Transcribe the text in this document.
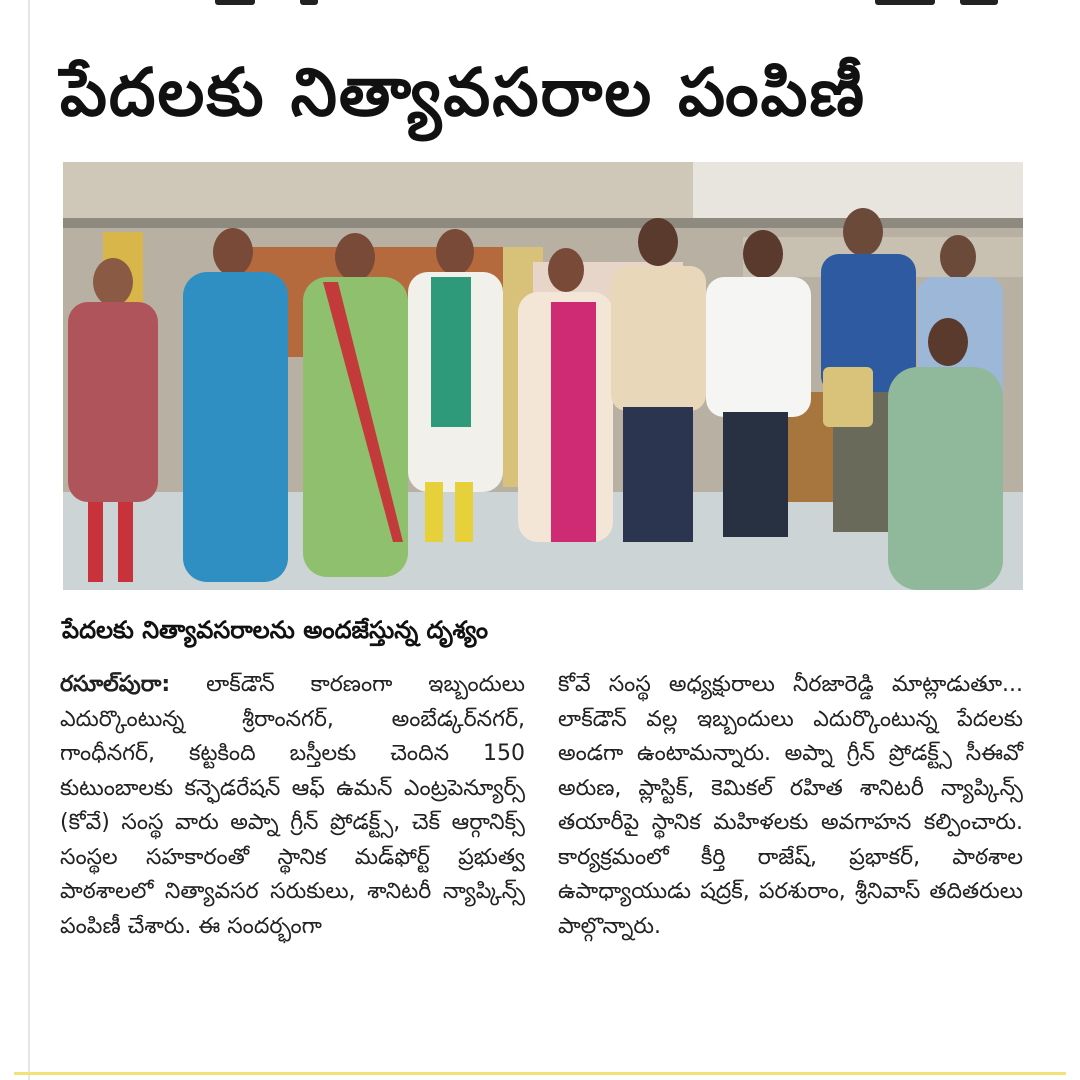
పేదలకు నిత్యావసరాల పంపిణీ
పేదలకు నిత్యావసరాలను అందజేస్తున్న దృశ్యం

రసూల్‌పురా: లాక్‌డౌన్ కారణంగా ఇబ్బందులు ఎదుర్కొంటున్న శ్రీరాంనగర్, అంబేడ్కర్‌నగర్, గాంధీనగర్, కట్టకింది బస్తీలకు చెందిన 150 కుటుంబాలకు కన్ఫెడరేషన్ ఆఫ్ ఉమన్ ఎంట్రపెన్యూర్స్ (కోవే) సంస్థ వారు అప్నా గ్రీన్ ప్రోడక్ట్స్, చెక్ ఆర్గానిక్స్ సంస్థల సహకారంతో స్థానిక మడ్‌ఫోర్ట్ ప్రభుత్వ పాఠశాలలో నిత్యావసర సరుకులు, శానిటరీ న్యాప్కిన్స్ పంపిణీ చేశారు. ఈ సందర్భంగా

కోవే సంస్థ అధ్యక్షురాలు నీరజారెడ్డి మాట్లాడుతూ... లాక్‌డౌన్ వల్ల ఇబ్బందులు ఎదుర్కొంటున్న పేదలకు అండగా ఉంటామన్నారు. అప్నా గ్రీన్ ప్రోడక్ట్స్ సీఈవో అరుణ, ప్లాస్టిక్, కెమికల్ రహిత శానిటరీ న్యాప్కిన్స్ తయారీపై స్థానిక మహిళలకు అవగాహన కల్పించారు. కార్యక్రమంలో కీర్తి రాజేష్, ప్రభాకర్, పాఠశాల ఉపాధ్యాయుడు షద్రక్, పరశురాం, శ్రీనివాస్ తదితరులు పాల్గొన్నారు.
